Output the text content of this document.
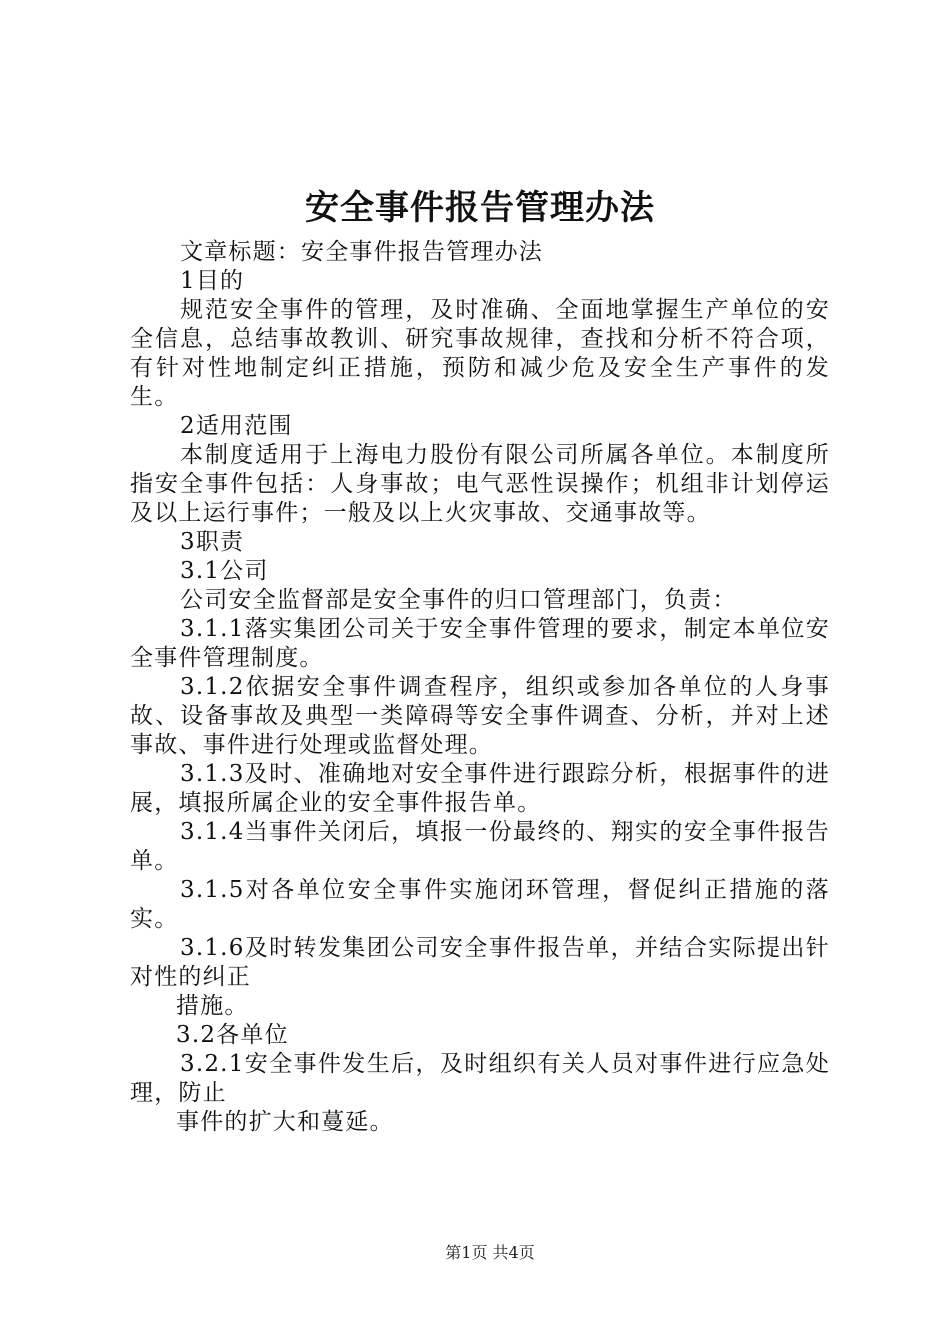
安全事件报告管理办法

文章标题：安全事件报告管理办法

1目的

规范安全事件的管理，及时准确、全面地掌握生产单位的安全信息，总结事故教训、研究事故规律，查找和分析不符合项，有针对性地制定纠正措施，预防和减少危及安全生产事件的发生。

2适用范围

本制度适用于上海电力股份有限公司所属各单位。本制度所指安全事件包括：人身事故；电气恶性误操作；机组非计划停运及以上运行事件；一般及以上火灾事故、交通事故等。

3职责

3.1公司

公司安全监督部是安全事件的归口管理部门，负责：

3.1.1落实集团公司关于安全事件管理的要求，制定本单位安全事件管理制度。

3.1.2依据安全事件调查程序，组织或参加各单位的人身事故、设备事故及典型一类障碍等安全事件调查、分析，并对上述事故、事件进行处理或监督处理。

3.1.3及时、准确地对安全事件进行跟踪分析，根据事件的进展，填报所属企业的安全事件报告单。

3.1.4当事件关闭后，填报一份最终的、翔实的安全事件报告单。

3.1.5对各单位安全事件实施闭环管理，督促纠正措施的落实。

3.1.6及时转发集团公司安全事件报告单，并结合实际提出针对性的纠正

措施。

3.2各单位

3.2.1安全事件发生后，及时组织有关人员对事件进行应急处理，防止

事件的扩大和蔓延。

第1页 共4页
